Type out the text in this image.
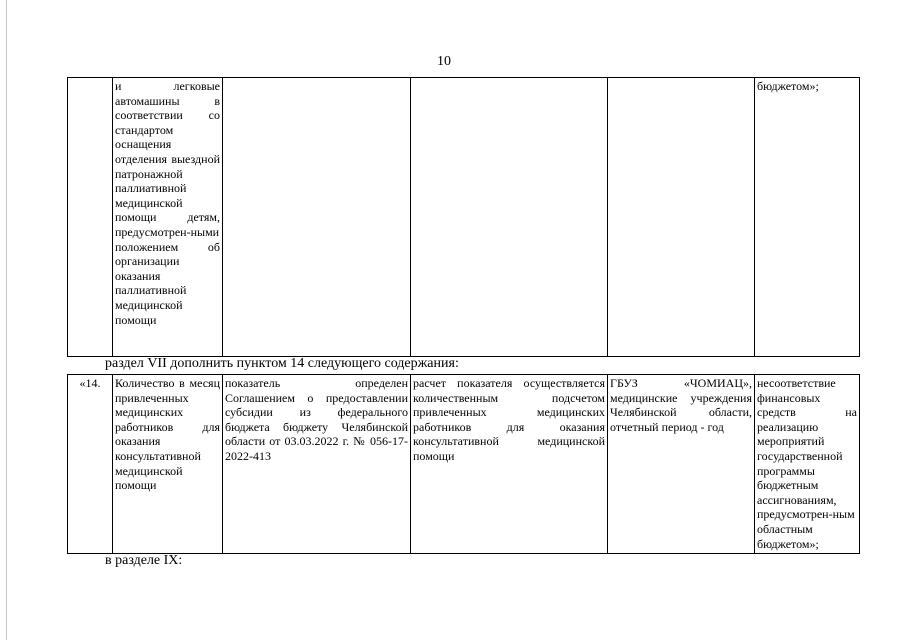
10
	и легковые автомашины в соответствии со стандартом оснащения отделения выездной патронажной паллиативной медицинской помощи детям, предусмотрен-ными положением об организации оказания паллиативной медицинской помощи				бюджетом»;
раздел VII дополнить пунктом 14 следующего содержания:
«14.	Количество в месяц привлеченных медицинских работников для оказания консультативной медицинской помощи	показатель определен Соглашением о предоставлении субсидии из федерального бюджета бюджету Челябинской области от 03.03.2022 г. № 056-17-2022-413	расчет показателя осуществляется количественным подсчетом привлеченных медицинских работников для оказания консультативной медицинской помощи	ГБУЗ «ЧОМИАЦ», медицинские учреждения Челябинской области, отчетный период - год	несоответствие финансовых средств на реализацию мероприятий государственной программы бюджетным ассигнованиям, предусмотрен-ным областным бюджетом»;
в разделе IX:
